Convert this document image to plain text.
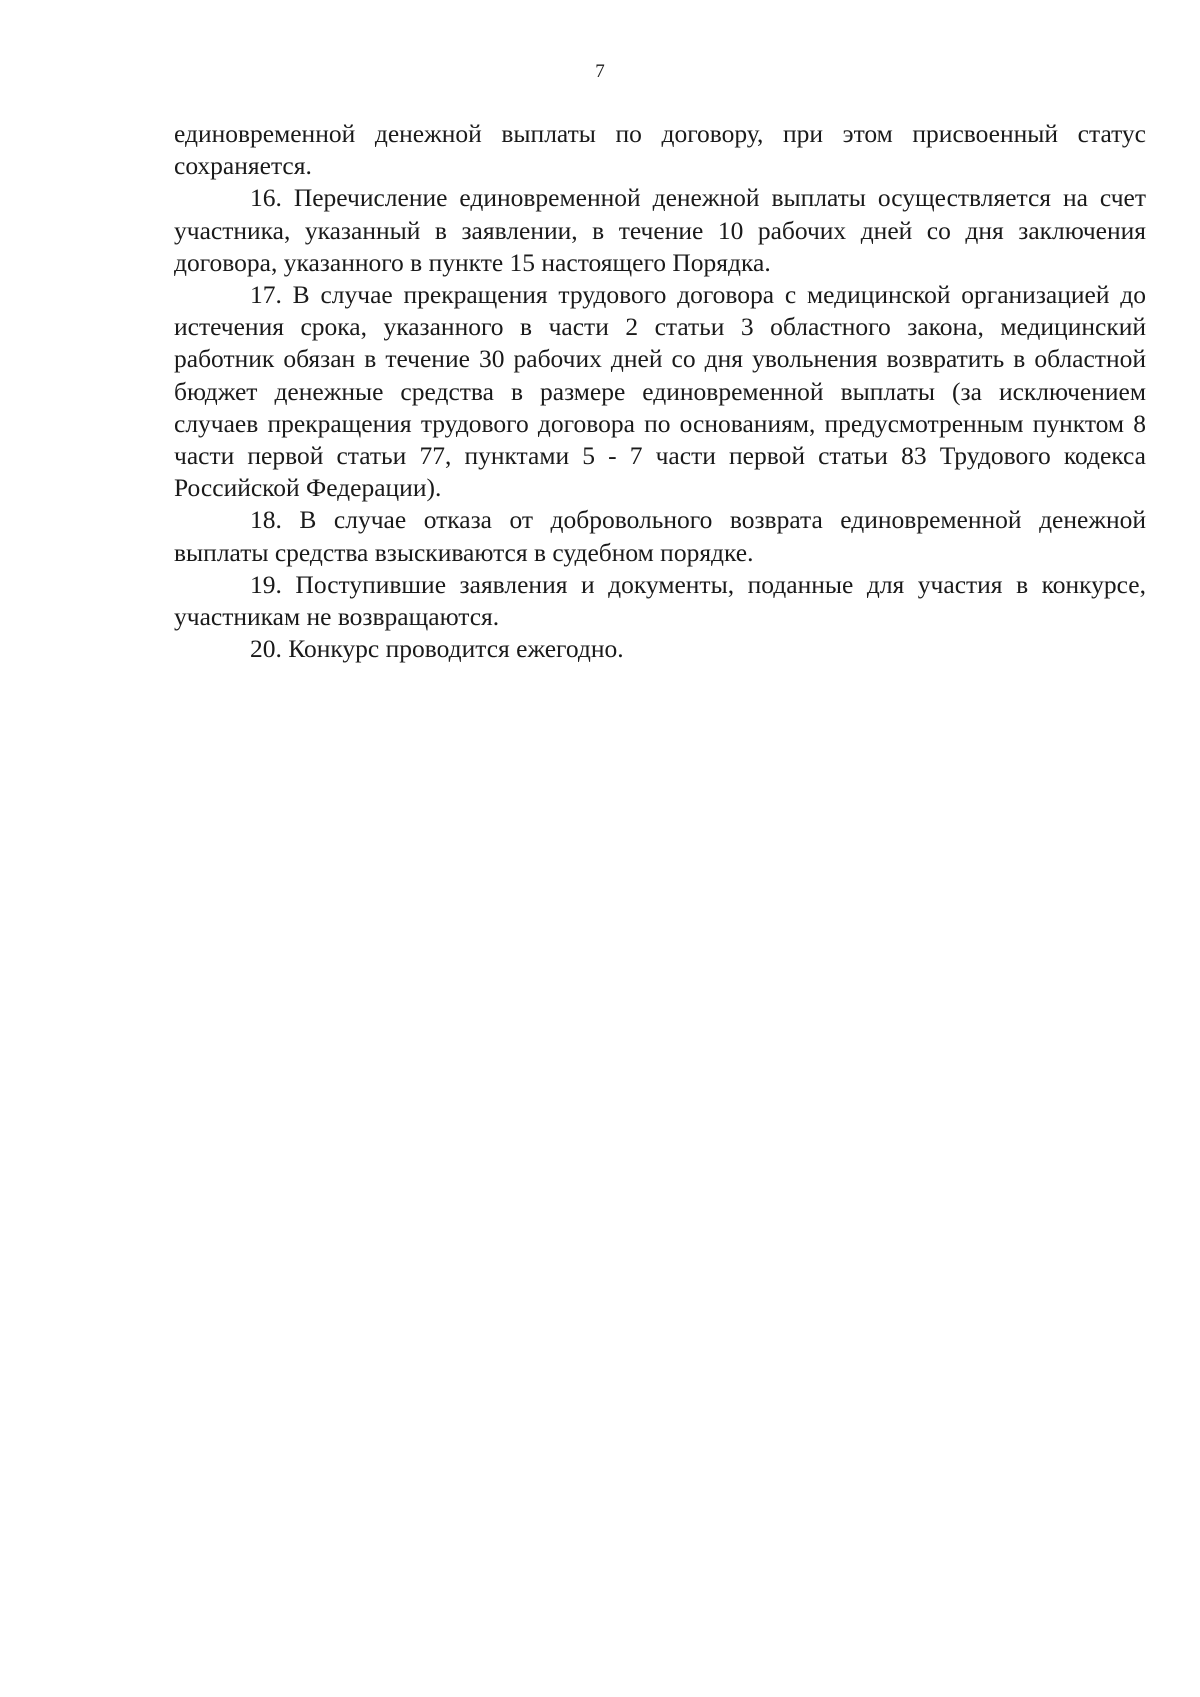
7

единовременной денежной выплаты по договору, при этом присвоенный статус сохраняется.

16. Перечисление единовременной денежной выплаты осуществляется на счет участника, указанный в заявлении, в течение 10 рабочих дней со дня заключения договора, указанного в пункте 15 настоящего Порядка.

17. В случае прекращения трудового договора с медицинской организацией до истечения срока, указанного в части 2 статьи 3 областного закона, медицинский работник обязан в течение 30 рабочих дней со дня увольнения возвратить в областной бюджет денежные средства в размере единовременной выплаты (за исключением случаев прекращения трудового договора по основаниям, предусмотренным пунктом 8 части первой статьи 77, пунктами 5 - 7 части первой статьи 83 Трудового кодекса Российской Федерации).

18. В случае отказа от добровольного возврата единовременной денежной выплаты средства взыскиваются в судебном порядке.

19. Поступившие заявления и документы, поданные для участия в конкурсе, участникам не возвращаются.

20. Конкурс проводится ежегодно.
